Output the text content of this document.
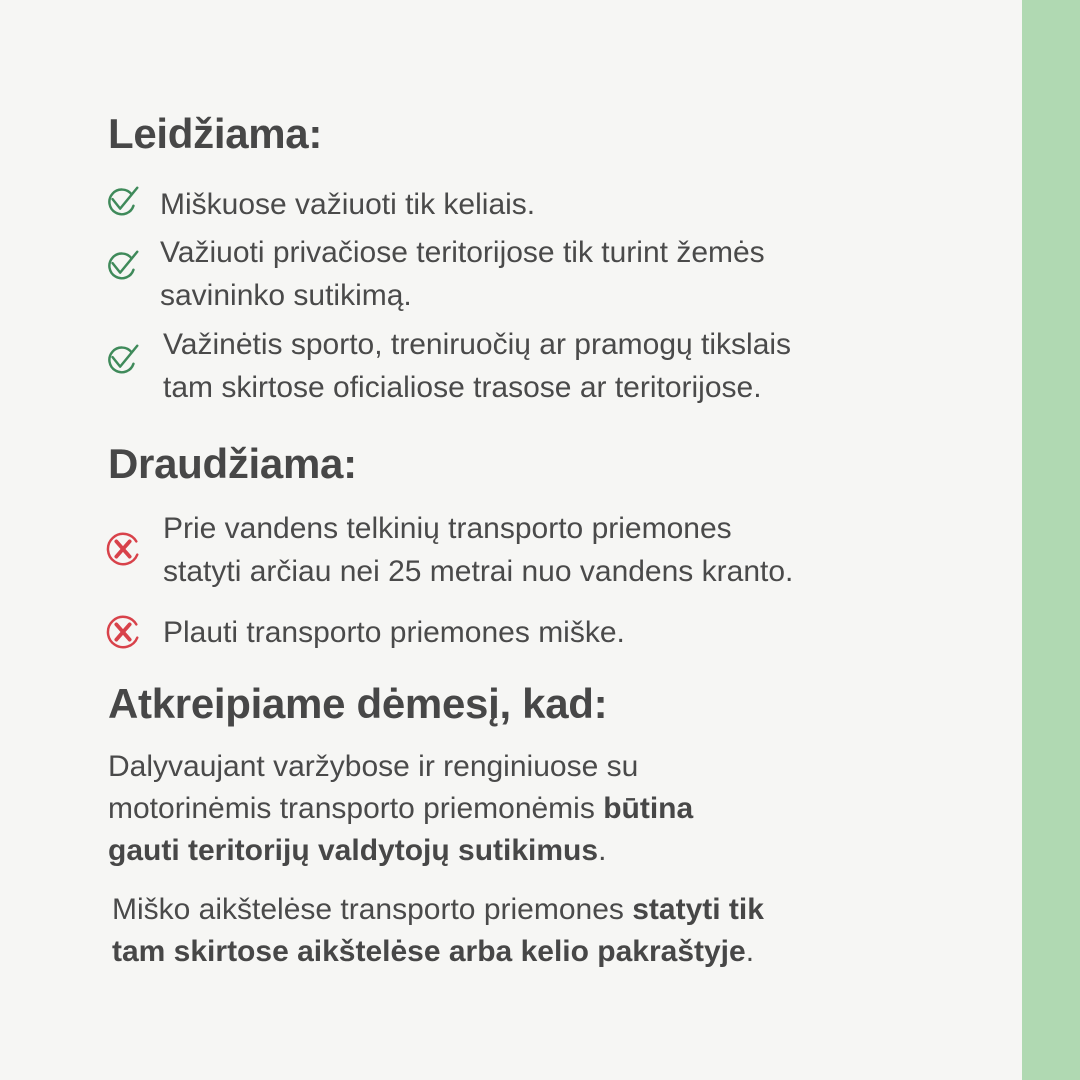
Leidžiama:

Miškuose važiuoti tik keliais.

Važiuoti privačiose teritorijose tik turint žemės
savininko sutikimą.

Važinėtis sporto, treniruočių ar pramogų tikslais
tam skirtose oficialiose trasose ar teritorijose.

Draudžiama:

Prie vandens telkinių transporto priemones
statyti arčiau nei 25 metrai nuo vandens kranto.

Plauti transporto priemones miške.

Atkreipiame dėmesį, kad:

Dalyvaujant varžybose ir renginiuose su
motorinėmis transporto priemonėmis būtina
gauti teritorijų valdytojų sutikimus.

Miško aikštelėse transporto priemones statyti tik
tam skirtose aikštelėse arba kelio pakraštyje.
